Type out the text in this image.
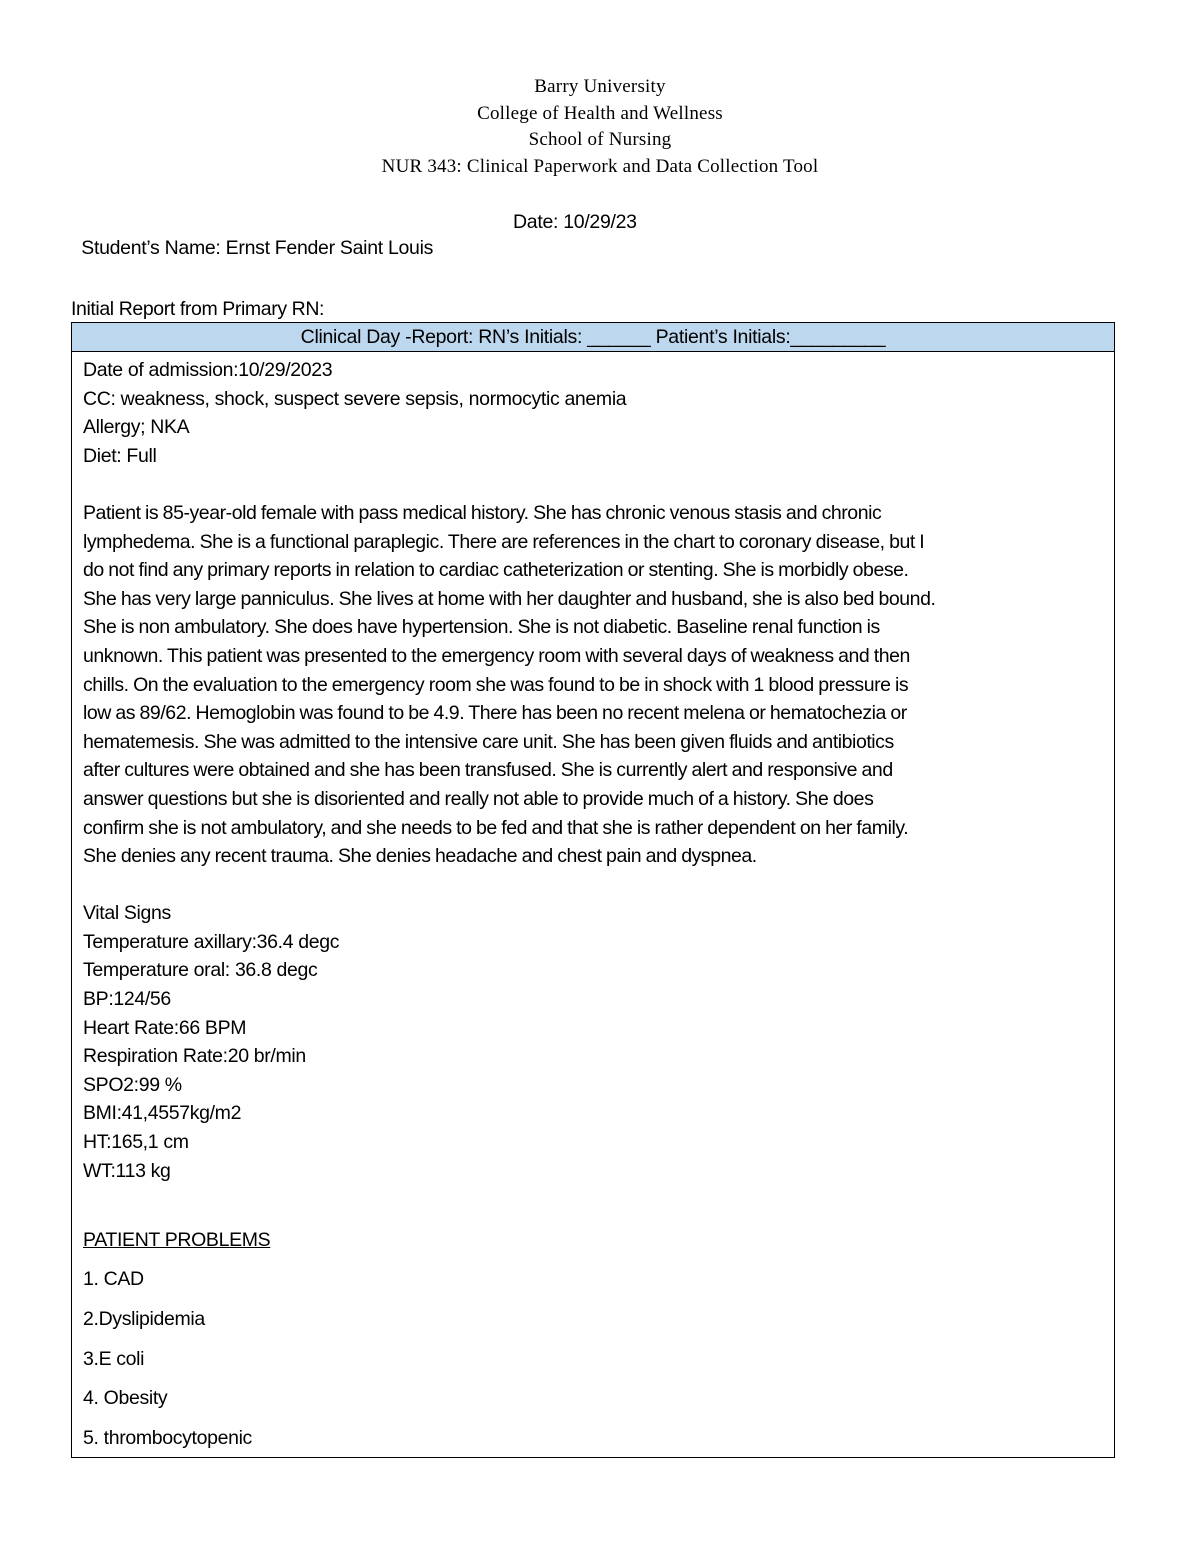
Barry University
College of Health and Wellness
School of Nursing
NUR 343: Clinical Paperwork and Data Collection Tool

Student’s Name: Ernst Fender Saint Louis

Date: 10/29/23

Initial Report from Primary RN:
Clinical Day -Report: RN’s Initials: ______ Patient’s Initials:_________
Date of admission:10/29/2023
CC: weakness, shock, suspect severe sepsis, normocytic anemia
Allergy; NKA
Diet: Full
Patient is 85-year-old female with pass medical history. She has chronic venous stasis and chronic
lymphedema. She is a functional paraplegic. There are references in the chart to coronary disease, but I
do not find any primary reports in relation to cardiac catheterization or stenting. She is morbidly obese.
She has very large panniculus. She lives at home with her daughter and husband, she is also bed bound.
She is non ambulatory. She does have hypertension. She is not diabetic. Baseline renal function is
unknown. This patient was presented to the emergency room with several days of weakness and then
chills. On the evaluation to the emergency room she was found to be in shock with 1 blood pressure is
low as 89/62. Hemoglobin was found to be 4.9. There has been no recent melena or hematochezia or
hematemesis. She was admitted to the intensive care unit. She has been given fluids and antibiotics
after cultures were obtained and she has been transfused. She is currently alert and responsive and
answer questions but she is disoriented and really not able to provide much of a history. She does
confirm she is not ambulatory, and she needs to be fed and that she is rather dependent on her family.
She denies any recent trauma. She denies headache and chest pain and dyspnea.
Vital Signs
Temperature axillary:36.4 degc
Temperature oral: 36.8 degc
BP:124/56
Heart Rate:66 BPM
Respiration Rate:20 br/min
SPO2:99 %
BMI:41,4557kg/m2
HT:165,1 cm
WT:113 kg
PATIENT PROBLEMS
1. CAD
2.Dyslipidemia
3.E coli
4. Obesity
5. thrombocytopenic
